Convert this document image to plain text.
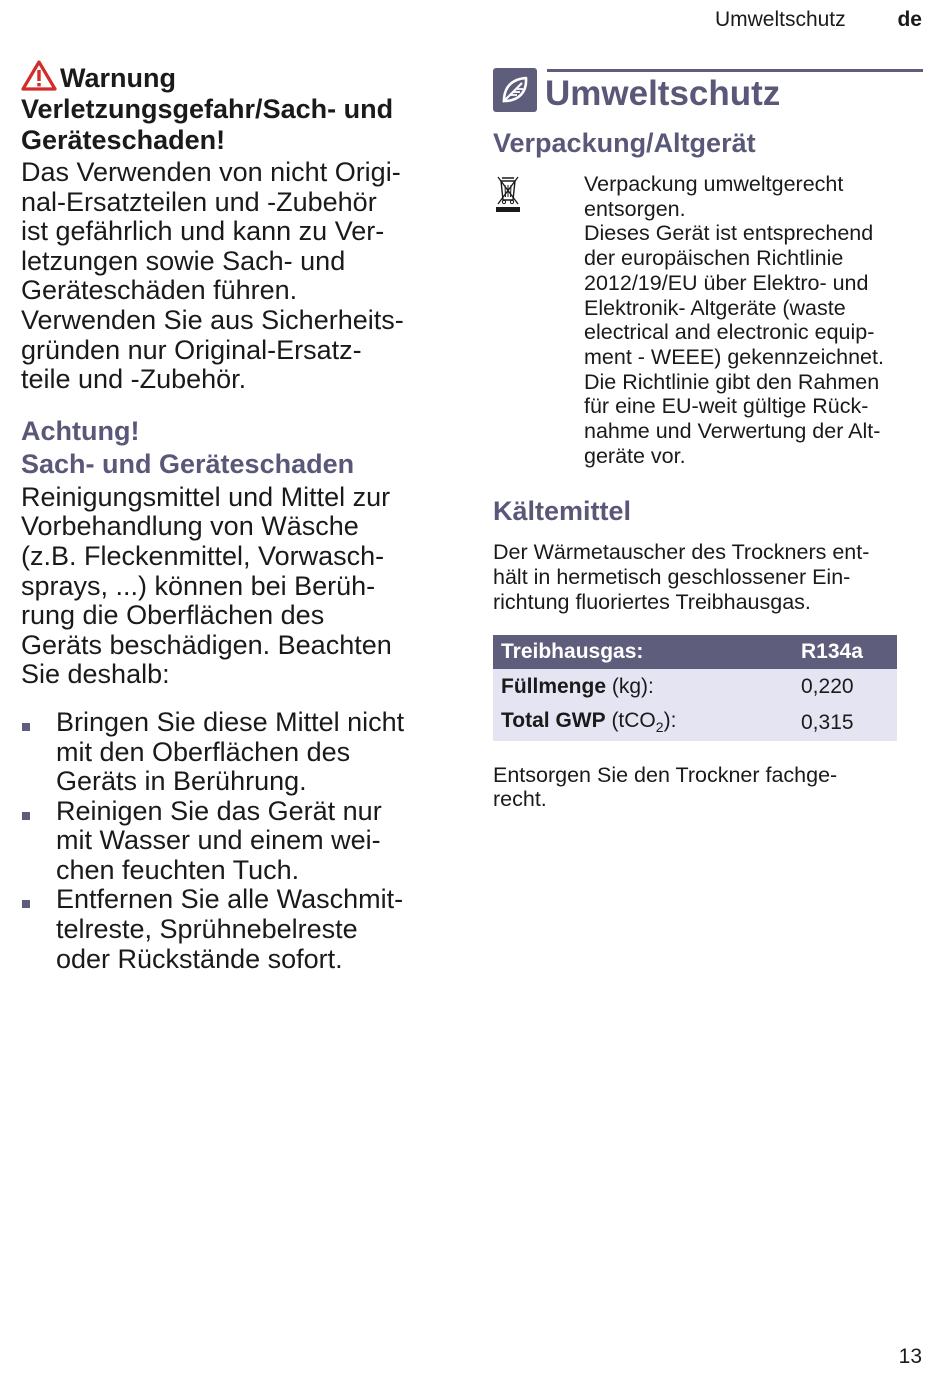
Umweltschutz de

Warnung
Verletzungsgefahr/Sach- und Geräteschaden!

Das Verwenden von nicht Origi-
nal-Ersatzteilen und -Zubehör
ist gefährlich und kann zu Ver-
letzungen sowie Sach- und
Geräteschäden führen.
Verwenden Sie aus Sicherheits-
gründen nur Original-Ersatz-
teile und -Zubehör.

Achtung!
Sach- und Geräteschaden

Reinigungsmittel und Mittel zur
Vorbehandlung von Wäsche
(z.B. Fleckenmittel, Vorwasch-
sprays, ...) können bei Berüh-
rung die Oberflächen des
Geräts beschädigen. Beachten
Sie deshalb:

Bringen Sie diese Mittel nicht
mit den Oberflächen des
Geräts in Berührung.
Reinigen Sie das Gerät nur
mit Wasser und einem wei-
chen feuchten Tuch.
Entfernen Sie alle Waschmit-
telreste, Sprühnebelreste
oder Rückstände sofort.
Umweltschutz

Verpackung/Altgerät

Verpackung umweltgerecht
entsorgen.
Dieses Gerät ist entsprechend
der europäischen Richtlinie
2012/19/EU über Elektro- und
Elektronik- Altgeräte (waste
electrical and electronic equip-
ment - WEEE) gekennzeichnet.
Die Richtlinie gibt den Rahmen
für eine EU-weit gültige Rück-
nahme und Verwertung der Alt-
geräte vor.

Kältemittel

Der Wärmetauscher des Trockners ent-
hält in hermetisch geschlossener Ein-
richtung fluoriertes Treibhausgas.

Treibhausgas:	R134a
Füllmenge (kg):	0,220
Total GWP (tCO$_2$):	0,315

Entsorgen Sie den Trockner fachge-
recht.

13
